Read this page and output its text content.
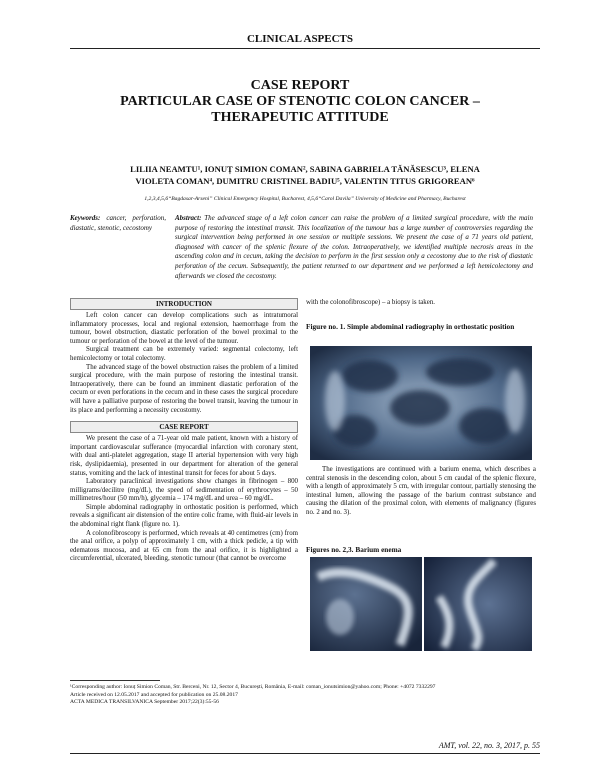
CLINICAL ASPECTS
CASE REPORT
PARTICULAR CASE OF STENOTIC COLON CANCER –
THERAPEUTIC ATTITUDE
LILIIA NEAMTU¹, IONUȚ SIMION COMAN², SABINA GABRIELA TĂNĂSESCU³, ELENA
VIOLETA COMAN⁴, DUMITRU CRISTINEL BADIU⁵, VALENTIN TITUS GRIGOREAN⁶
1,2,3,4,5,6“Bagdasar-Arseni” Clinical Emergency Hospital, Bucharest, 4,5,6“Carol Davila” University of Medicine and Pharmacy, Bucharest
Keywords: cancer, perforation, diastatic, stenotic, cecostomy
Abstract: The advanced stage of a left colon cancer can raise the problem of a limited surgical procedure, with the main purpose of restoring the intestinal transit. This localization of the tumour has a large number of controversies regarding the surgical intervention being performed in one session or multiple sessions. We present the case of a 71 years old patient, diagnosed with cancer of the splenic flexure of the colon. Intraoperatively, we identified multiple necrosis areas in the ascending colon and in cecum, taking the decision to perform in the first session only a cecostomy due to the risk of diastatic perforation of the cecum. Subsequently, the patient returned to our department and we performed a left hemicolectomy and afterwards we closed the cecostomy.
INTRODUCTION

Left colon cancer can develop complications such as intratumoral inflammatory processes, local and regional extension, haemorrhage from the tumour, bowel obstruction, diastatic perforation of the bowel proximal to the tumour or perforation of the bowel at the level of the tumour.

Surgical treatment can be extremely varied: segmental colectomy, left hemicolectomy or total colectomy.

The advanced stage of the bowel obstruction raises the problem of a limited surgical procedure, with the main purpose of restoring the intestinal transit. Intraoperatively, there can be found an imminent diastatic perforation of the cecum or even perforations in the cecum and in these cases the surgical procedure will have a palliative purpose of restoring the bowel transit, leaving the tumour in its place and performing a necessity cecostomy.

CASE REPORT

We present the case of a 71-year old male patient, known with a history of important cardiovascular sufferance (myocardial infarction with coronary stent, with dual anti-platelet aggregation, stage II arterial hypertension with very high risk, dyslipidaemia), presented in our department for alteration of the general status, vomiting and the lack of intestinal transit for feces for about 5 days.

Laboratory paraclinical investigations show changes in fibrinogen – 800 milligrams/decilitre (mg/dL), the speed of sedimentation of erythrocytes – 50 millimetres/hour (50 mm/h), glycemia – 174 mg/dL and urea – 60 mg/dL.

Simple abdominal radiography in orthostatic position is performed, which reveals a significant air distension of the entire colic frame, with fluid-air levels in the abdominal right flank (figure no. 1).

A colonofibroscopy is performed, which reveals at 40 centimetres (cm) from the anal orifice, a polyp of approximately 1 cm, with a thick pedicle, a tip with edematous mucosa, and at 65 cm from the anal orifice, it is highlighted a circumferential, ulcerated, bleeding, stenotic tumour (that cannot be overcome

with the colonofibroscope) – a biopsy is taken.
Figure no. 1. Simple abdominal radiography in orthostatic position

The investigations are continued with a barium enema, which describes a central stenosis in the descending colon, about 5 cm caudal of the splenic flexure, with a length of approximately 5 cm, with irregular contour, partially stenosing the intestinal lumen, allowing the passage of the barium contrast substance and causing the dilation of the proximal colon, with elements of malignancy (figures no. 2 and no. 3).

Figures no. 2,3. Barium enema
¹Corresponding author: Ionuț Simion Coman, Str. Berceni, Nr. 12, Sector 4, București, România, E-mail: coman_ionutsimion@yahoo.com; Phone: +4072 7332297
Article received on 12.05.2017 and accepted for publication on 25.08.2017
ACTA MEDICA TRANSILVANICA September 2017;22(3):55-56
AMT, vol. 22, no. 3, 2017, p. 55
